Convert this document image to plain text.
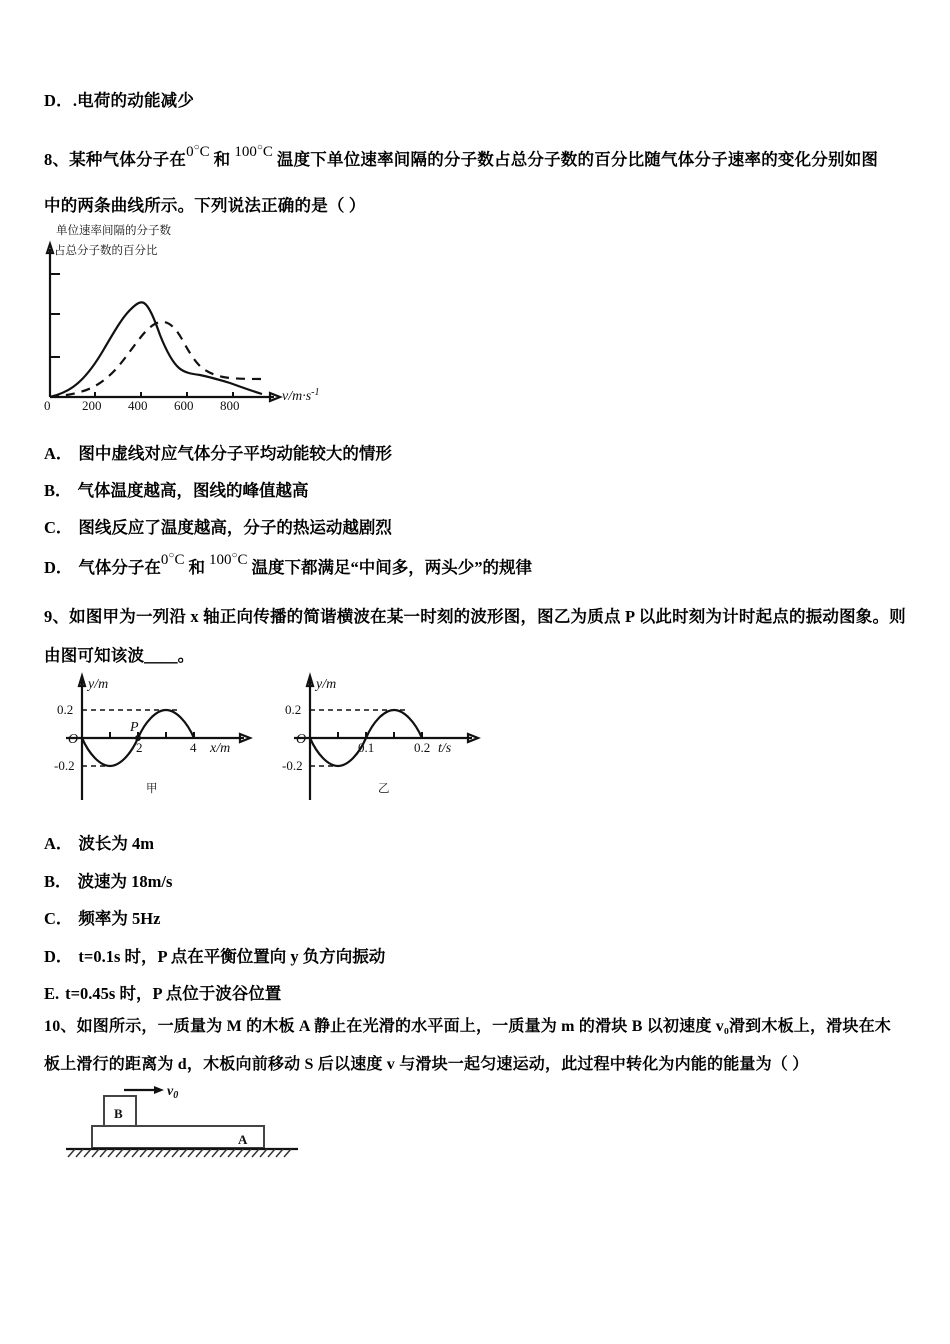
D．.电荷的动能减少
8、某种气体分子在0○C 和 100○C 温度下单位速率间隔的分子数占总分子数的百分比随气体分子速率的变化分别如图
中的两条曲线所示。下列说法正确的是（ ）
单位速率间隔的分子数
占总分子数的百分比
0 200 400 600 800
$v/m\cdot s^{-1}$
A． 图中虚线对应气体分子平均动能较大的情形
B． 气体温度越高，图线的峰值越高
C． 图线反应了温度越高，分子的热运动越剧烈
D． 气体分子在0○C 和 100○C 温度下都满足“中间多，两头少”的规律
9、如图甲为一列沿 x 轴正向传播的简谐横波在某一时刻的波形图，图乙为质点 P 以此时刻为计时起点的振动图象。则
由图可知该波＿＿。
y/m
x/m
O
0.2
-0.2
2	4
P
甲
y/m
t/s
O
0.2
-0.2
0.1	0.2
乙
A． 波长为 4m
B． 波速为 18m/s
C． 频率为 5Hz
D． t=0.1s 时，P 点在平衡位置向 y 负方向振动
E. t=0.45s 时，P 点位于波谷位置
10、如图所示，一质量为 M 的木板 A 静止在光滑的水平面上，一质量为 m 的滑块 B 以初速度 v₀滑到木板上，滑块在木
板上滑行的距离为 d，木板向前移动 S 后以速度 v 与滑块一起匀速运动，此过程中转化为内能的能量为（ ）
$v_0$
B
A
